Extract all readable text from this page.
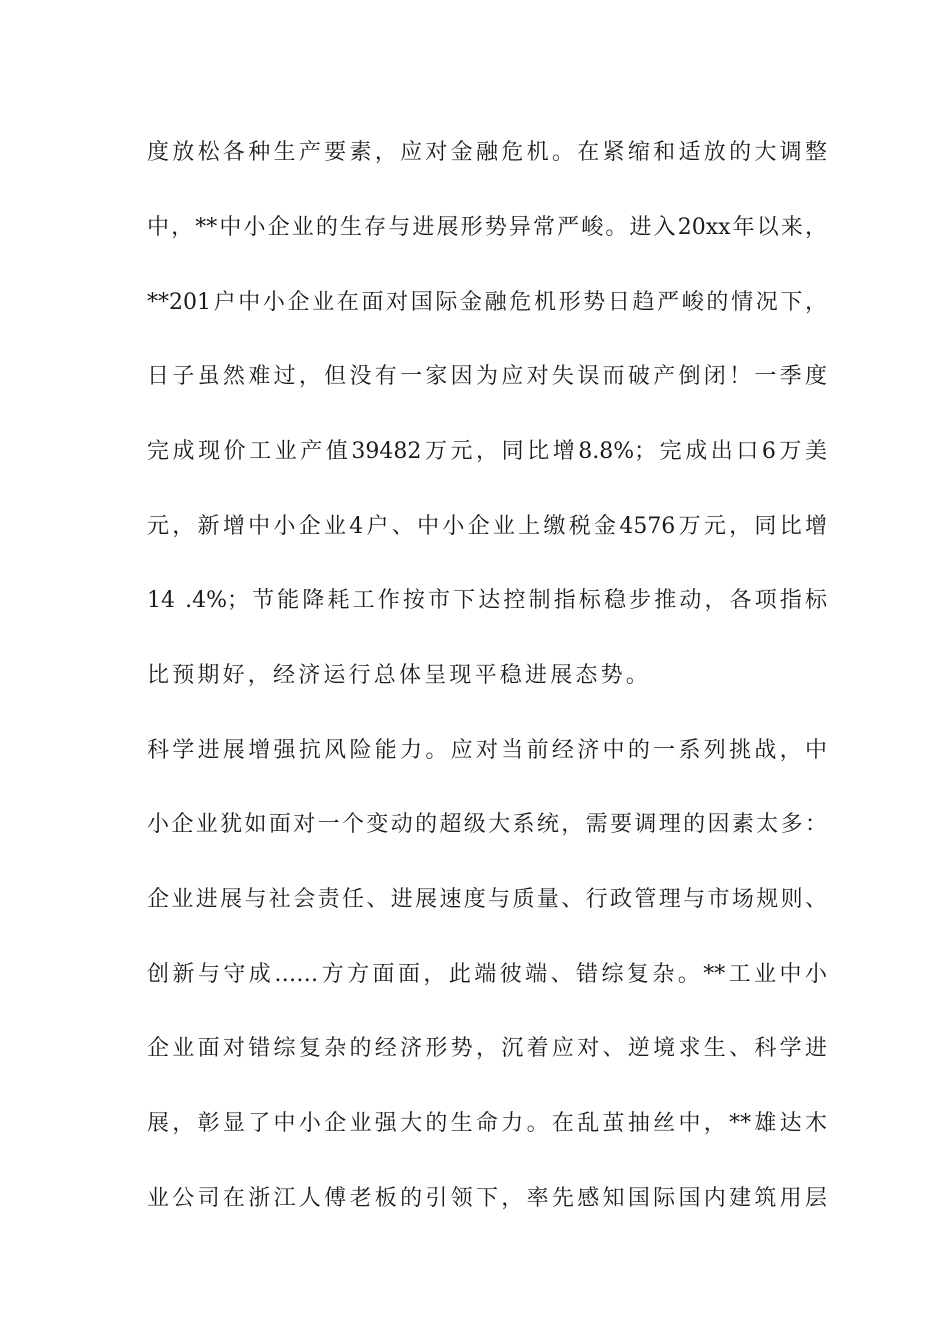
度放松各种生产要素，应对金融危机。在紧缩和适放的大调整
中，**中小企业的生存与进展形势异常严峻。进入20xx年以来，
**201户中小企业在面对国际金融危机形势日趋严峻的情况下，
日子虽然难过，但没有一家因为应对失误而破产倒闭！一季度
完成现价工业产值39482万元，同比增8.8%；完成出口6万美
元，新增中小企业4户、中小企业上缴税金4576万元，同比增
14 .4%；节能降耗工作按市下达控制指标稳步推动，各项指标
比预期好，经济运行总体呈现平稳进展态势。
科学进展增强抗风险能力。应对当前经济中的一系列挑战，中
小企业犹如面对一个变动的超级大系统，需要调理的因素太多：
企业进展与社会责任、进展速度与质量、行政管理与市场规则、
创新与守成……方方面面，此端彼端、错综复杂。**工业中小
企业面对错综复杂的经济形势，沉着应对、逆境求生、科学进
展，彰显了中小企业强大的生命力。在乱茧抽丝中，**雄达木
业公司在浙江人傅老板的引领下，率先感知国际国内建筑用层
